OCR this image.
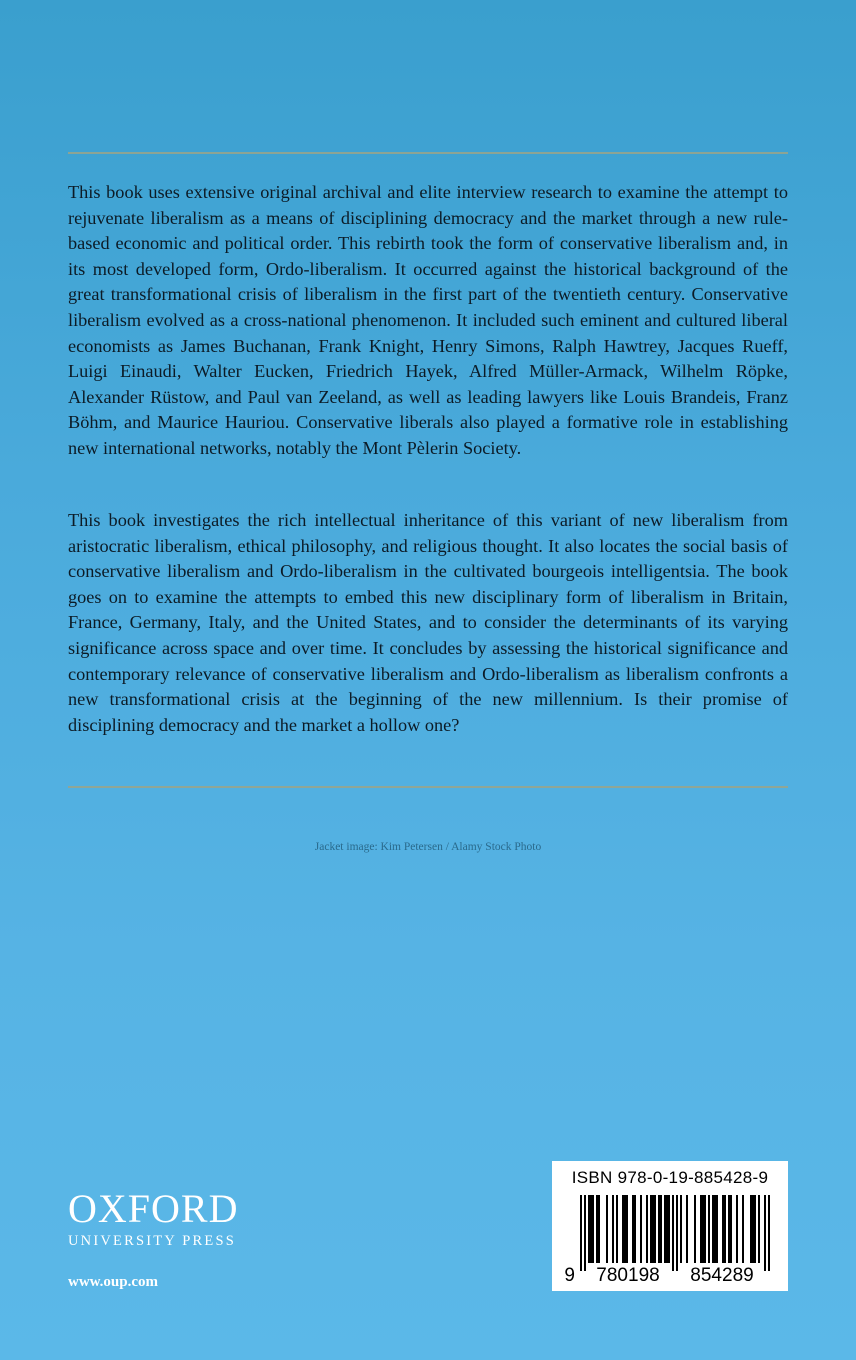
This book uses extensive original archival and elite interview research to examine the attempt to rejuvenate liberalism as a means of disciplining democracy and the market through a new rule-based economic and political order. This rebirth took the form of conservative liberalism and, in its most developed form, Ordo-liberalism. It occurred against the historical background of the great transformational crisis of liberalism in the first part of the twentieth century. Conservative liberalism evolved as a cross-national phenomenon. It included such eminent and cultured liberal economists as James Buchanan, Frank Knight, Henry Simons, Ralph Hawtrey, Jacques Rueff, Luigi Einaudi, Walter Eucken, Friedrich Hayek, Alfred Müller-Armack, Wilhelm Röpke, Alexander Rüstow, and Paul van Zeeland, as well as leading lawyers like Louis Brandeis, Franz Böhm, and Maurice Hauriou. Conservative liberals also played a formative role in establishing new international networks, notably the Mont Pèlerin Society.

This book investigates the rich intellectual inheritance of this variant of new liberalism from aristocratic liberalism, ethical philosophy, and religious thought. It also locates the social basis of conservative liberalism and Ordo-liberalism in the cultivated bourgeois intelligentsia. The book goes on to examine the attempts to embed this new disciplinary form of liberalism in Britain, France, Germany, Italy, and the United States, and to consider the determinants of its varying significance across space and over time. It concludes by assessing the historical significance and contemporary relevance of conservative liberalism and Ordo-liberalism as liberalism confronts a new transformational crisis at the beginning of the new millennium. Is their promise of disciplining democracy and the market a hollow one?

Jacket image: Kim Petersen / Alamy Stock Photo
OXFORD
UNIVERSITY PRESS
www.oup.com
ISBN 978-0-19-885428-9
9 780198 854289
